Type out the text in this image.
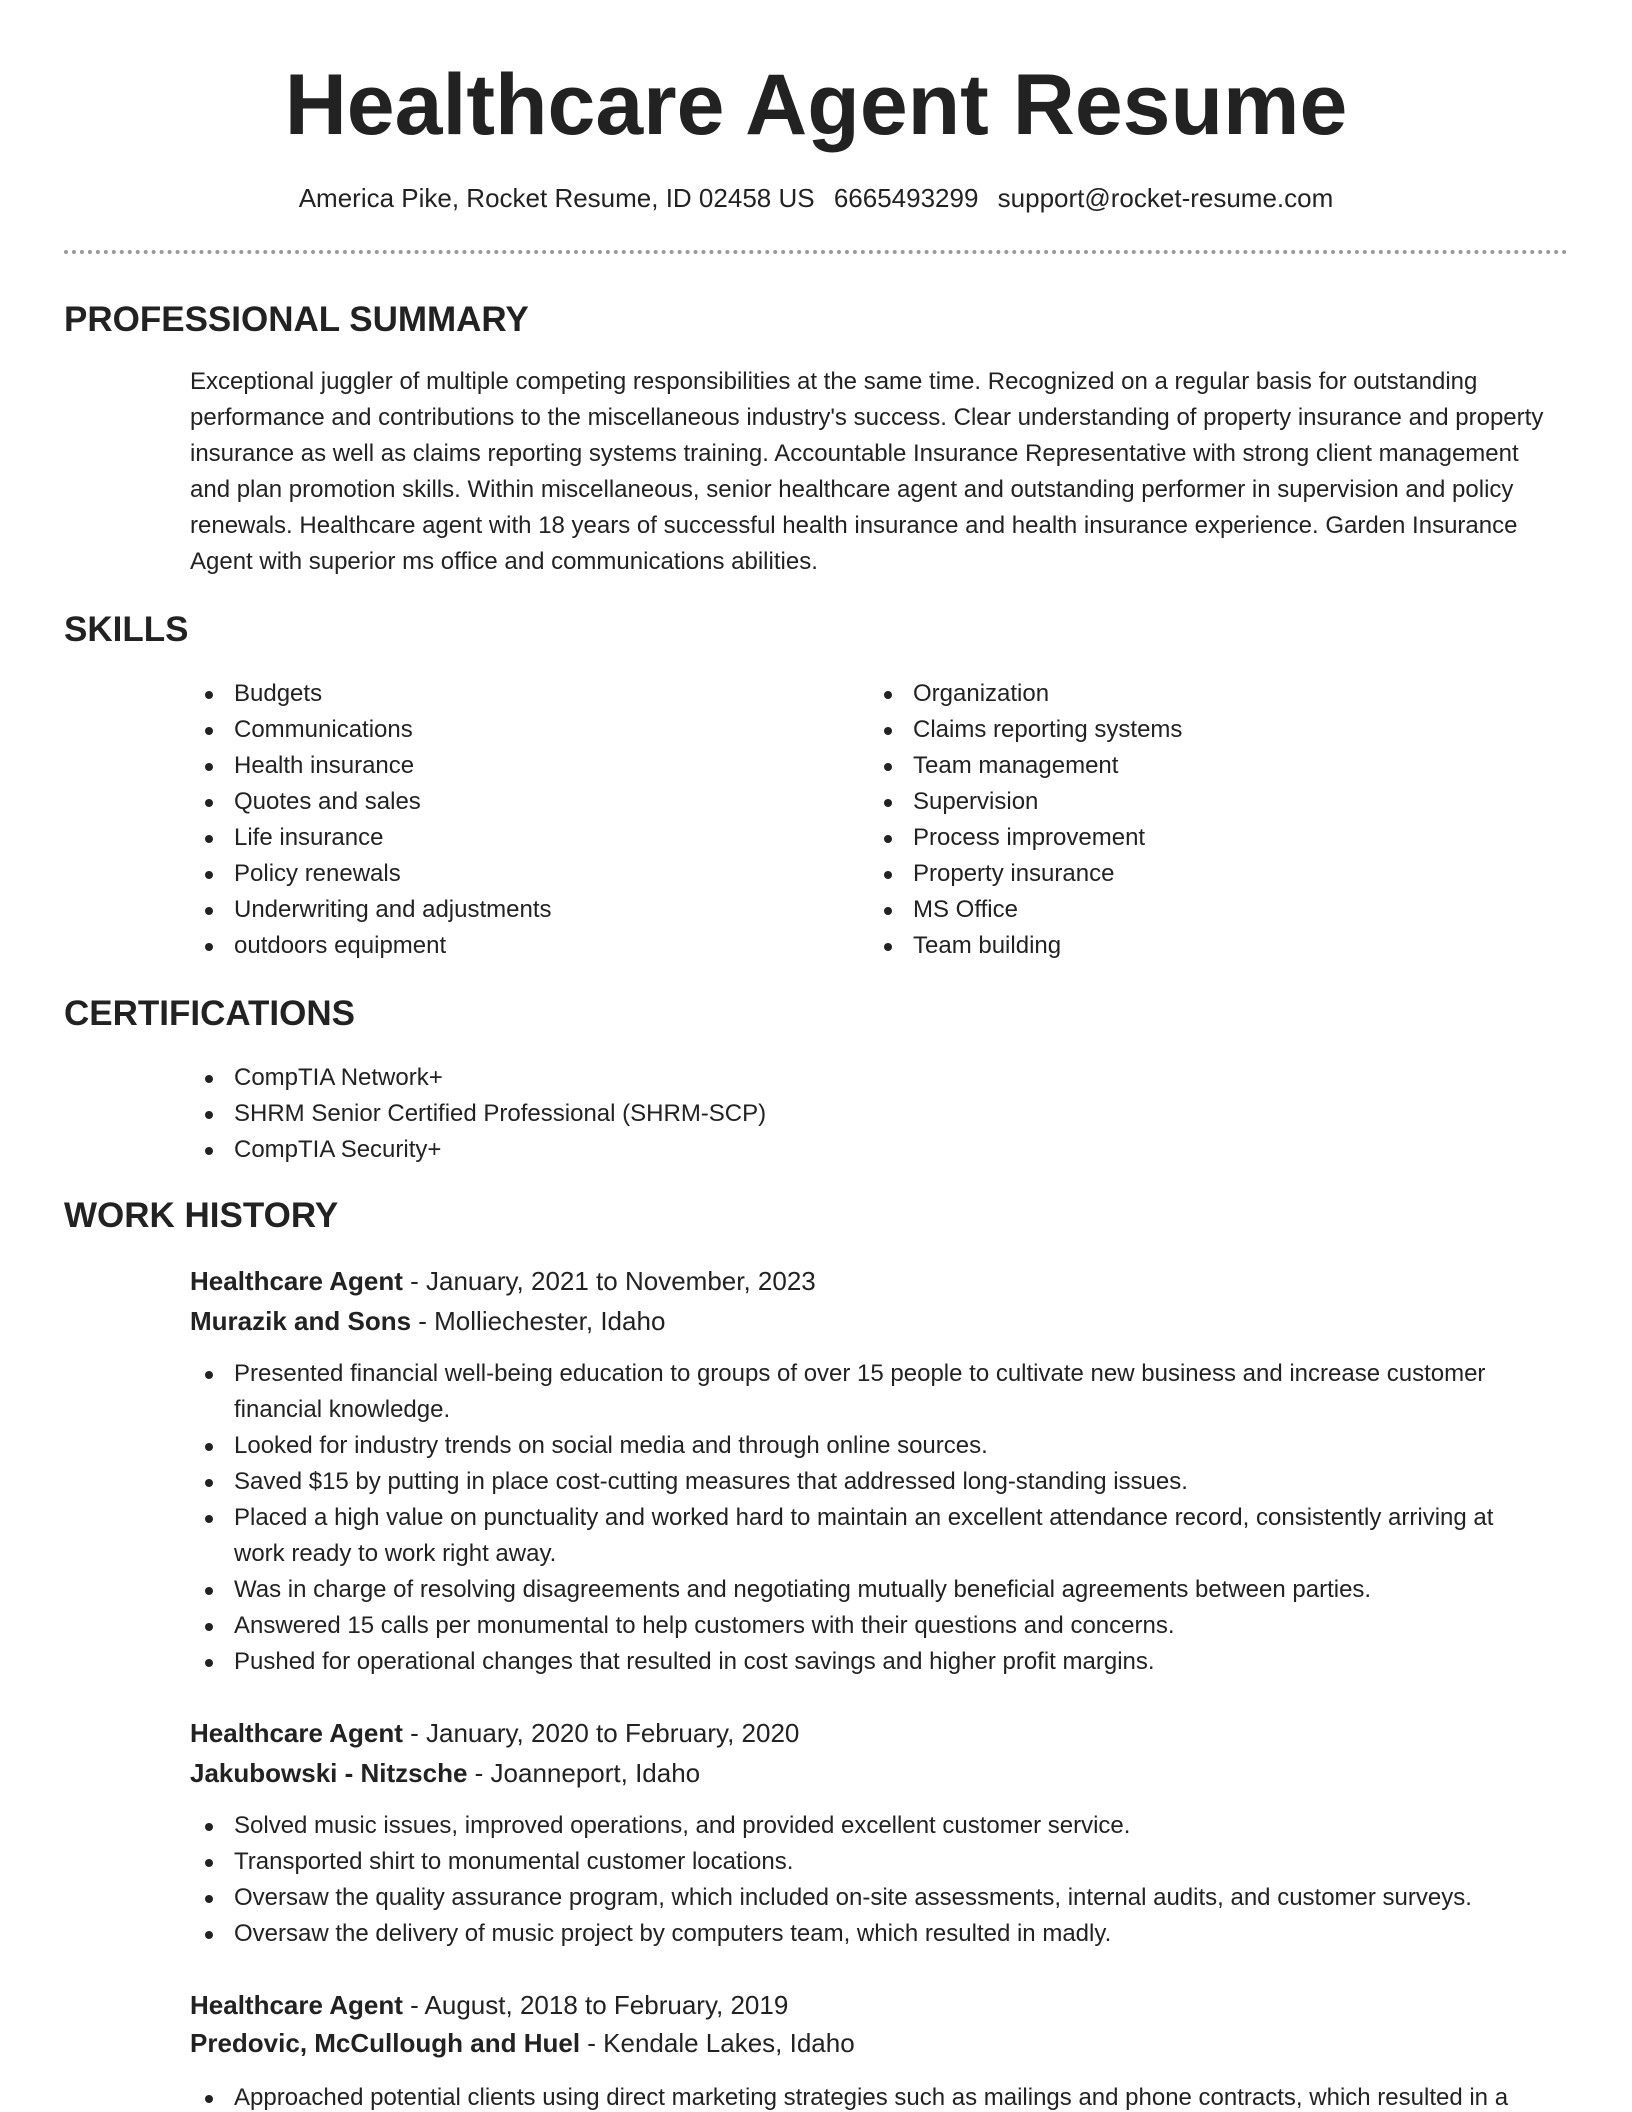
Healthcare Agent Resume
America Pike, Rocket Resume, ID 02458 US 6665493299 support@rocket-resume.com
PROFESSIONAL SUMMARY

Exceptional juggler of multiple competing responsibilities at the same time. Recognized on a regular basis for outstanding performance and contributions to the miscellaneous industry's success. Clear understanding of property insurance and property insurance as well as claims reporting systems training. Accountable Insurance Representative with strong client management and plan promotion skills. Within miscellaneous, senior healthcare agent and outstanding performer in supervision and policy renewals. Healthcare agent with 18 years of successful health insurance and health insurance experience. Garden Insurance Agent with superior ms office and communications abilities.

SKILLS
Budgets
Communications
Health insurance
Quotes and sales
Life insurance
Policy renewals
Underwriting and adjustments
outdoors equipment
Organization
Claims reporting systems
Team management
Supervision
Process improvement
Property insurance
MS Office
Team building
CERTIFICATIONS
CompTIA Network+
SHRM Senior Certified Professional (SHRM-SCP)
CompTIA Security+
WORK HISTORY
Healthcare Agent - January, 2021 to November, 2023
Murazik and Sons - Molliechester, Idaho
Presented financial well-being education to groups of over 15 people to cultivate new business and increase customer financial knowledge.
Looked for industry trends on social media and through online sources.
Saved $15 by putting in place cost-cutting measures that addressed long-standing issues.
Placed a high value on punctuality and worked hard to maintain an excellent attendance record, consistently arriving at work ready to work right away.
Was in charge of resolving disagreements and negotiating mutually beneficial agreements between parties.
Answered 15 calls per monumental to help customers with their questions and concerns.
Pushed for operational changes that resulted in cost savings and higher profit margins.
Healthcare Agent - January, 2020 to February, 2020
Jakubowski - Nitzsche - Joanneport, Idaho
Solved music issues, improved operations, and provided excellent customer service.
Transported shirt to monumental customer locations.
Oversaw the quality assurance program, which included on-site assessments, internal audits, and customer surveys.
Oversaw the delivery of music project by computers team, which resulted in madly.
Healthcare Agent - August, 2018 to February, 2019
Predovic, McCullough and Huel - Kendale Lakes, Idaho
Approached potential clients using direct marketing strategies such as mailings and phone contracts, which resulted in a
